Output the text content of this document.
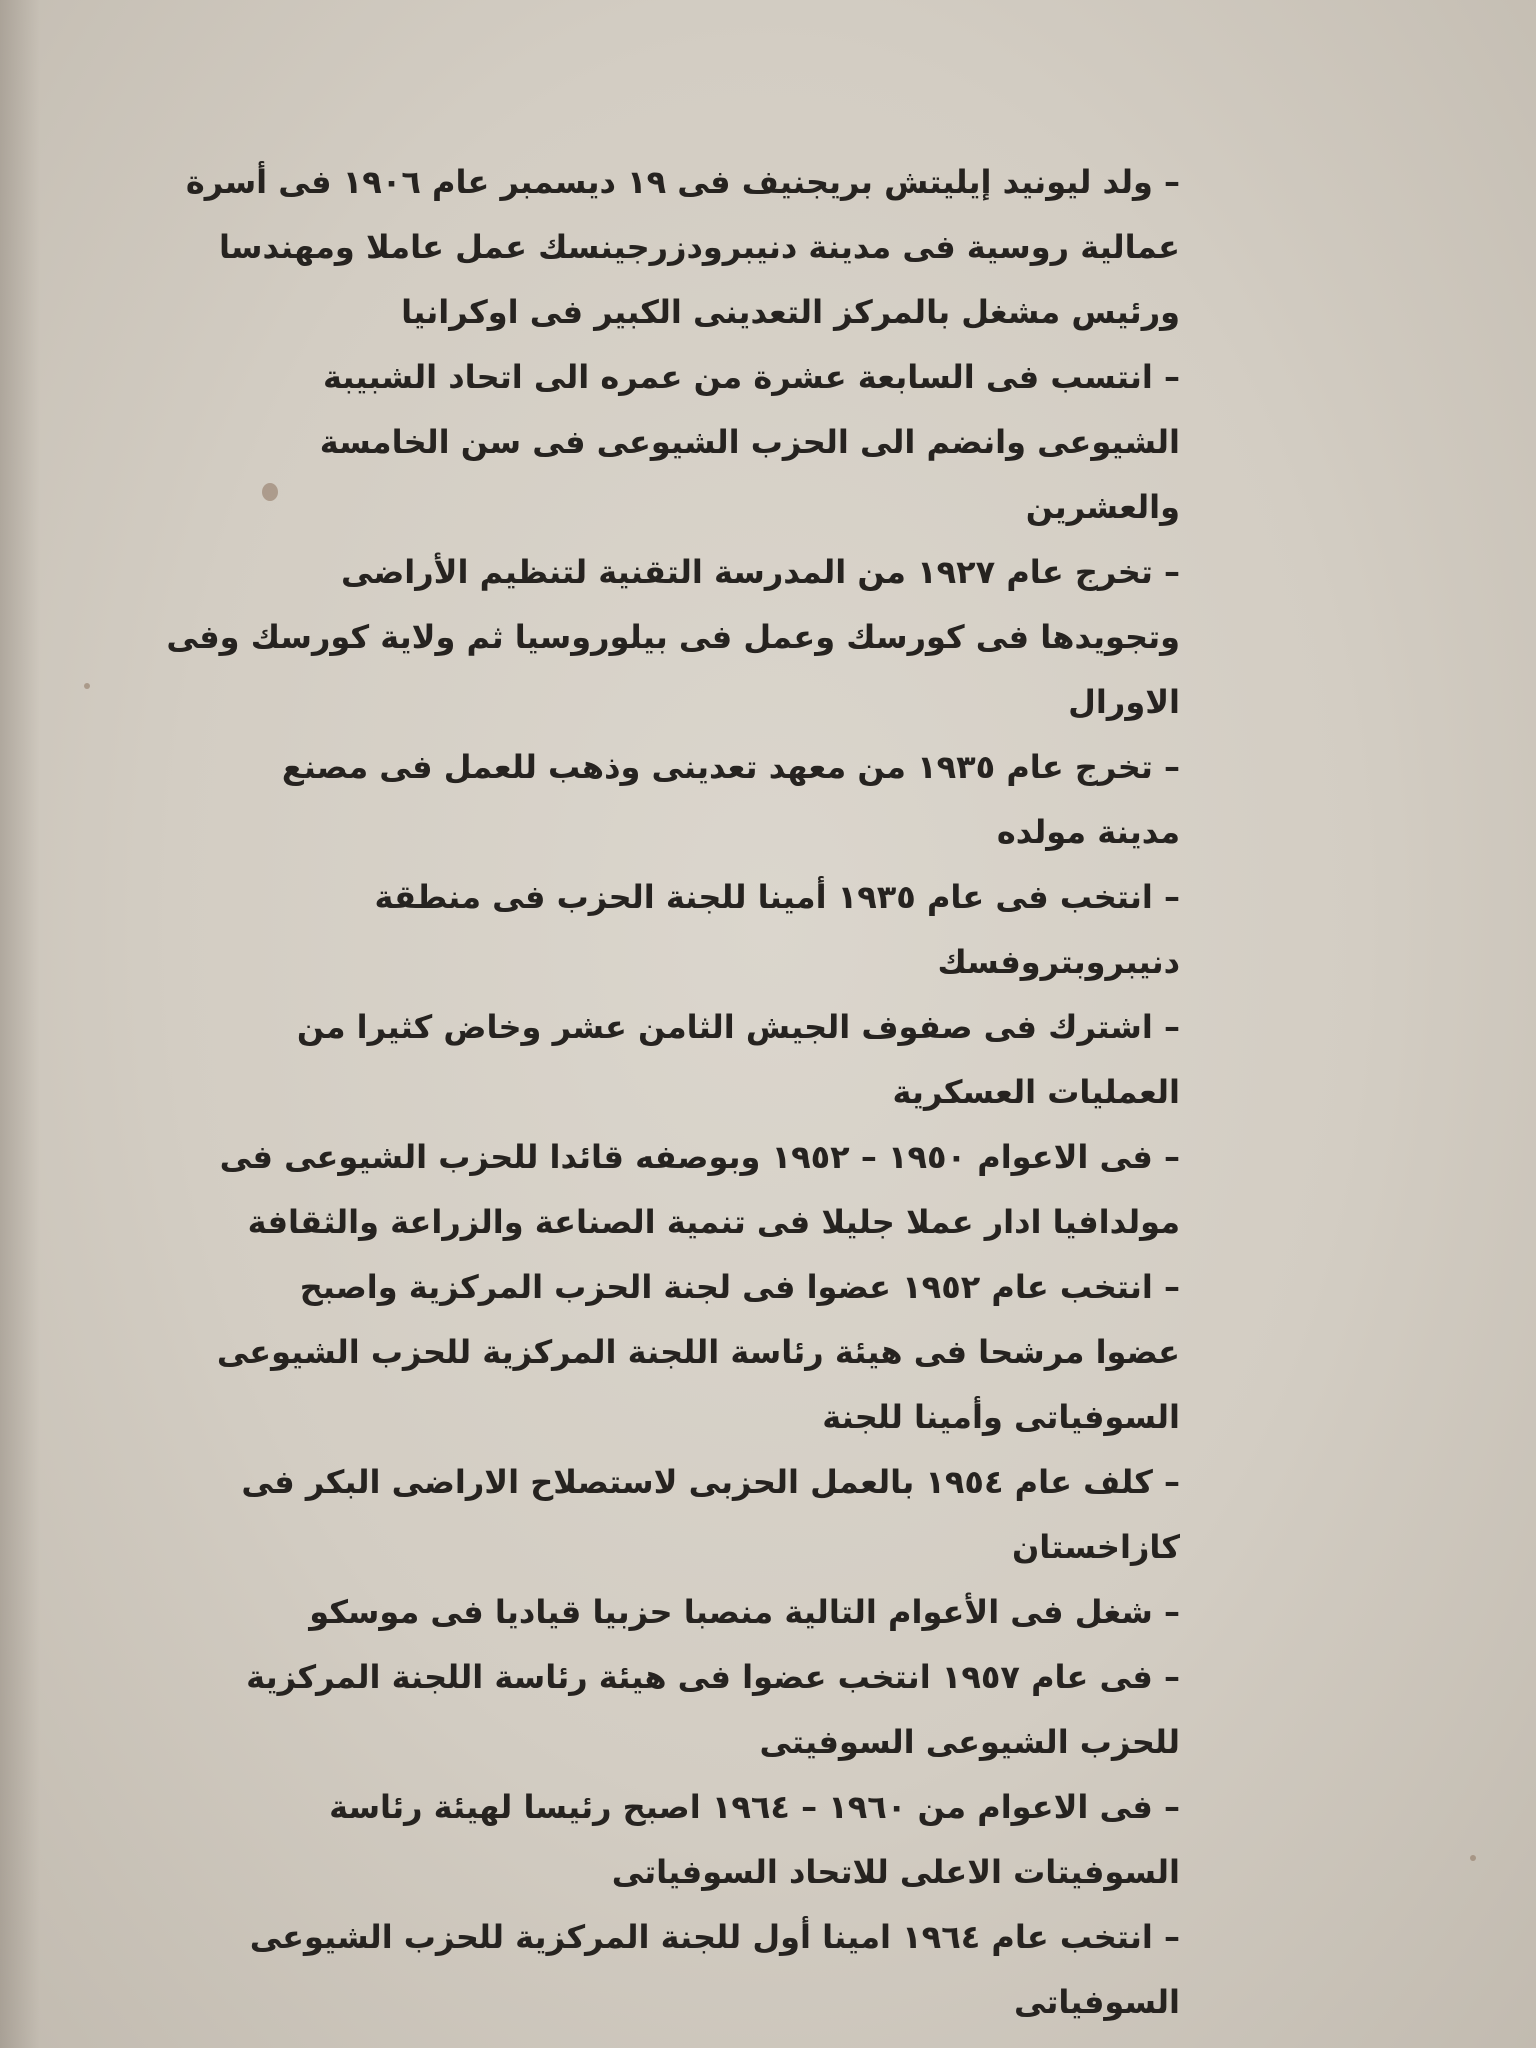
– ولد ليونيد إيليتش بريجنيف فى ١٩ ديسمبر عام ١٩٠٦ فى أسرة
عمالية روسية فى مدينة دنيبرودزرجينسك عمل عاملا ومهندسا
ورئيس مشغل بالمركز التعدينى الكبير فى اوكرانيا
– انتسب فى السابعة عشرة من عمره الى اتحاد الشبيبة
الشيوعى وانضم الى الحزب الشيوعى فى سن الخامسة
والعشرين
– تخرج عام ١٩٢٧ من المدرسة التقنية لتنظيم الأراضى
وتجويدها فى كورسك وعمل فى بيلوروسيا ثم ولاية كورسك وفى
الاورال
– تخرج عام ١٩٣٥ من معهد تعدينى وذهب للعمل فى مصنع
مدينة مولده
– انتخب فى عام ١٩٣٥ أمينا للجنة الحزب فى منطقة
دنيبروبتروفسك
– اشترك فى صفوف الجيش الثامن عشر وخاض كثيرا من
العمليات العسكرية
– فى الاعوام ١٩٥٠ – ١٩٥٢ وبوصفه قائدا للحزب الشيوعى فى
مولدافيا ادار عملا جليلا فى تنمية الصناعة والزراعة والثقافة
– انتخب عام ١٩٥٢ عضوا فى لجنة الحزب المركزية واصبح
عضوا مرشحا فى هيئة رئاسة اللجنة المركزية للحزب الشيوعى
السوفياتى وأمينا للجنة
– كلف عام ١٩٥٤ بالعمل الحزبى لاستصلاح الاراضى البكر فى
كازاخستان
– شغل فى الأعوام التالية منصبا حزبيا قياديا فى موسكو
– فى عام ١٩٥٧ انتخب عضوا فى هيئة رئاسة اللجنة المركزية
للحزب الشيوعى السوفيتى
– فى الاعوام من ١٩٦٠ – ١٩٦٤ اصبح رئيسا لهيئة رئاسة
السوفيتات الاعلى للاتحاد السوفياتى
– انتخب عام ١٩٦٤ امينا أول للجنة المركزية للحزب الشيوعى
السوفياتى
